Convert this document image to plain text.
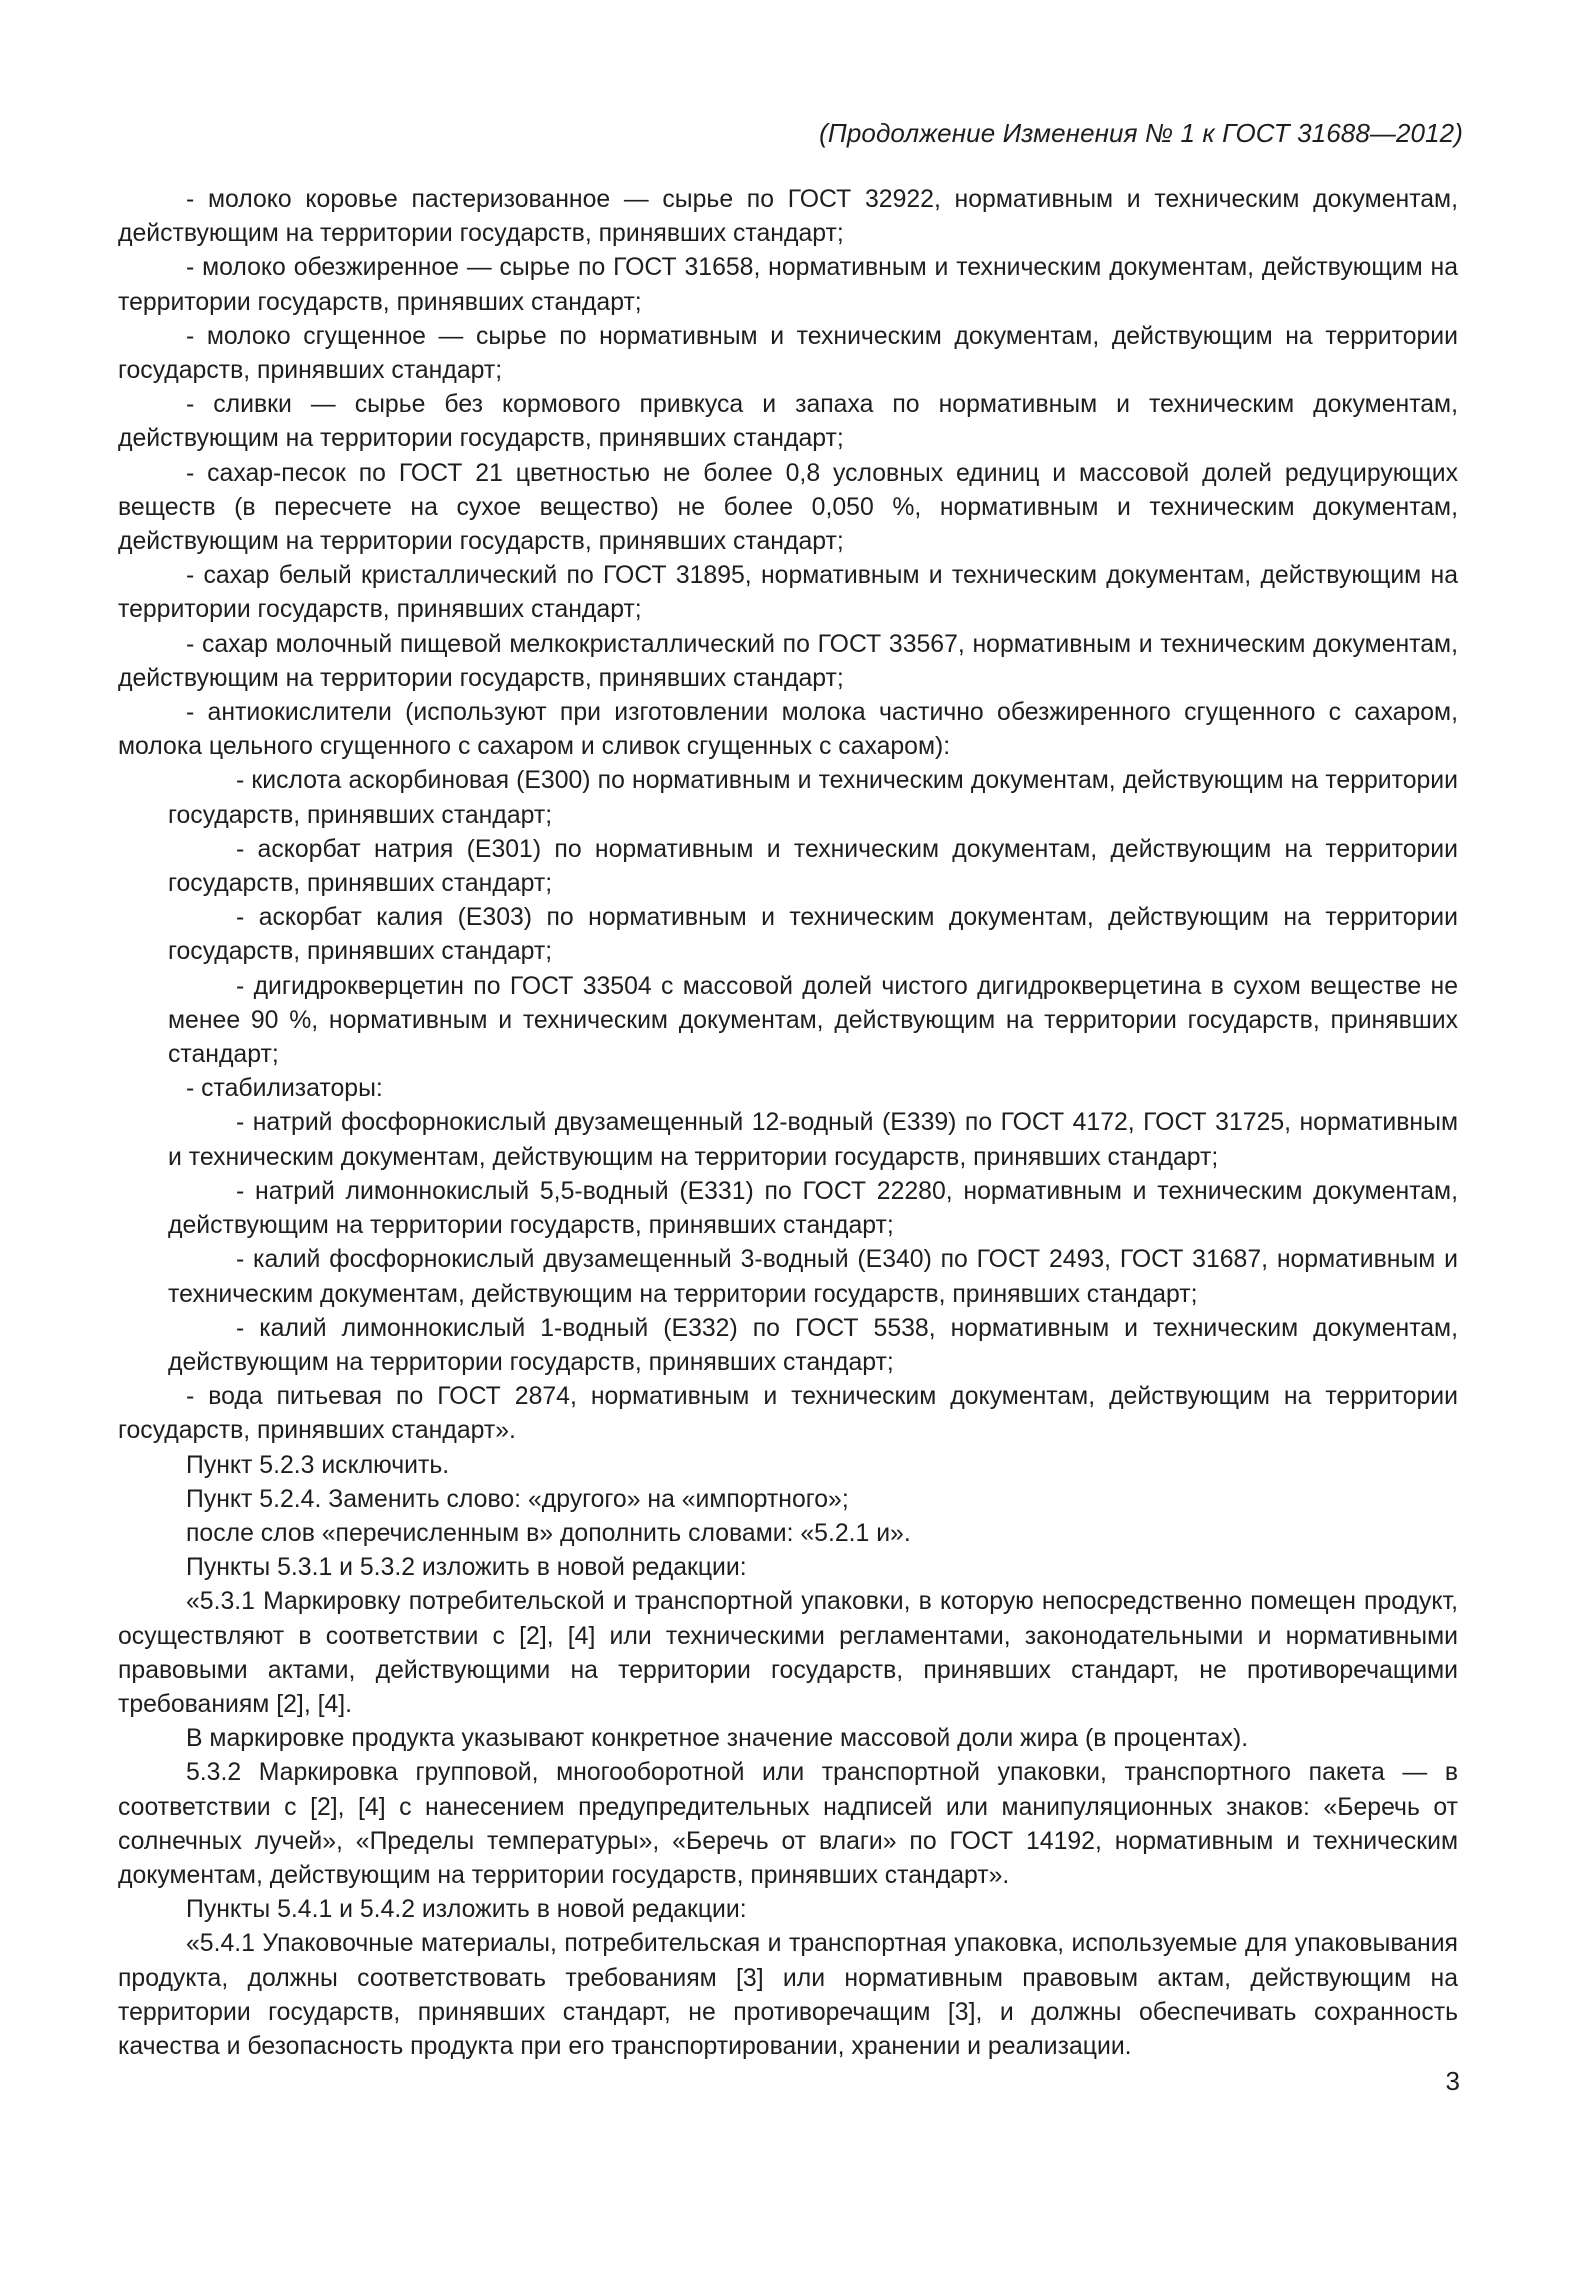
(Продолжение Изменения № 1 к ГОСТ 31688—2012)

- молоко коровье пастеризованное — сырье по ГОСТ 32922, нормативным и техническим документам, действующим на территории государств, принявших стандарт;

- молоко обезжиренное — сырье по ГОСТ 31658, нормативным и техническим документам, действующим на территории государств, принявших стандарт;

- молоко сгущенное — сырье по нормативным и техническим документам, действующим на территории государств, принявших стандарт;

- сливки — сырье без кормового привкуса и запаха по нормативным и техническим документам, действующим на территории государств, принявших стандарт;

- сахар-песок по ГОСТ 21 цветностью не более 0,8 условных единиц и массовой долей редуцирующих веществ (в пересчете на сухое вещество) не более 0,050 %, нормативным и техническим документам, действующим на территории государств, принявших стандарт;

- сахар белый кристаллический по ГОСТ 31895, нормативным и техническим документам, действующим на территории государств, принявших стандарт;

- сахар молочный пищевой мелкокристаллический по ГОСТ 33567, нормативным и техническим документам, действующим на территории государств, принявших стандарт;

- антиокислители (используют при изготовлении молока частично обезжиренного сгущенного с сахаром, молока цельного сгущенного с сахаром и сливок сгущенных с сахаром):

- кислота аскорбиновая (Е300) по нормативным и техническим документам, действующим на территории государств, принявших стандарт;

- аскорбат натрия (Е301) по нормативным и техническим документам, действующим на территории государств, принявших стандарт;

- аскорбат калия (Е303) по нормативным и техническим документам, действующим на территории государств, принявших стандарт;

- дигидрокверцетин по ГОСТ 33504 с массовой долей чистого дигидрокверцетина в сухом веществе не менее 90 %, нормативным и техническим документам, действующим на территории государств, принявших стандарт;

- стабилизаторы:

- натрий фосфорнокислый двузамещенный 12-водный (Е339) по ГОСТ 4172, ГОСТ 31725, нормативным и техническим документам, действующим на территории государств, принявших стандарт;

- натрий лимоннокислый 5,5-водный (Е331) по ГОСТ 22280, нормативным и техническим документам, действующим на территории государств, принявших стандарт;

- калий фосфорнокислый двузамещенный 3-водный (Е340) по ГОСТ 2493, ГОСТ 31687, нормативным и техническим документам, действующим на территории государств, принявших стандарт;

- калий лимоннокислый 1-водный (Е332) по ГОСТ 5538, нормативным и техническим документам, действующим на территории государств, принявших стандарт;

- вода питьевая по ГОСТ 2874, нормативным и техническим документам, действующим на территории государств, принявших стандарт».

Пункт 5.2.3 исключить.

Пункт 5.2.4. Заменить слово: «другого» на «импортного»;

после слов «перечисленным в» дополнить словами: «5.2.1 и».

Пункты 5.3.1 и 5.3.2 изложить в новой редакции:

«5.3.1 Маркировку потребительской и транспортной упаковки, в которую непосредственно помещен продукт, осуществляют в соответствии с [2], [4] или техническими регламентами, законодательными и нормативными правовыми актами, действующими на территории государств, принявших стандарт, не противоречащими требованиям [2], [4].

В маркировке продукта указывают конкретное значение массовой доли жира (в процентах).

5.3.2 Маркировка групповой, многооборотной или транспортной упаковки, транспортного пакета — в соответствии с [2], [4] с нанесением предупредительных надписей или манипуляционных знаков: «Беречь от солнечных лучей», «Пределы температуры», «Беречь от влаги» по ГОСТ 14192, нормативным и техническим документам, действующим на территории государств, принявших стандарт».

Пункты 5.4.1 и 5.4.2 изложить в новой редакции:

«5.4.1 Упаковочные материалы, потребительская и транспортная упаковка, используемые для упаковывания продукта, должны соответствовать требованиям [3] или нормативным правовым актам, действующим на территории государств, принявших стандарт, не противоречащим [3], и должны обеспечивать сохранность качества и безопасность продукта при его транспортировании, хранении и реализации.

3
